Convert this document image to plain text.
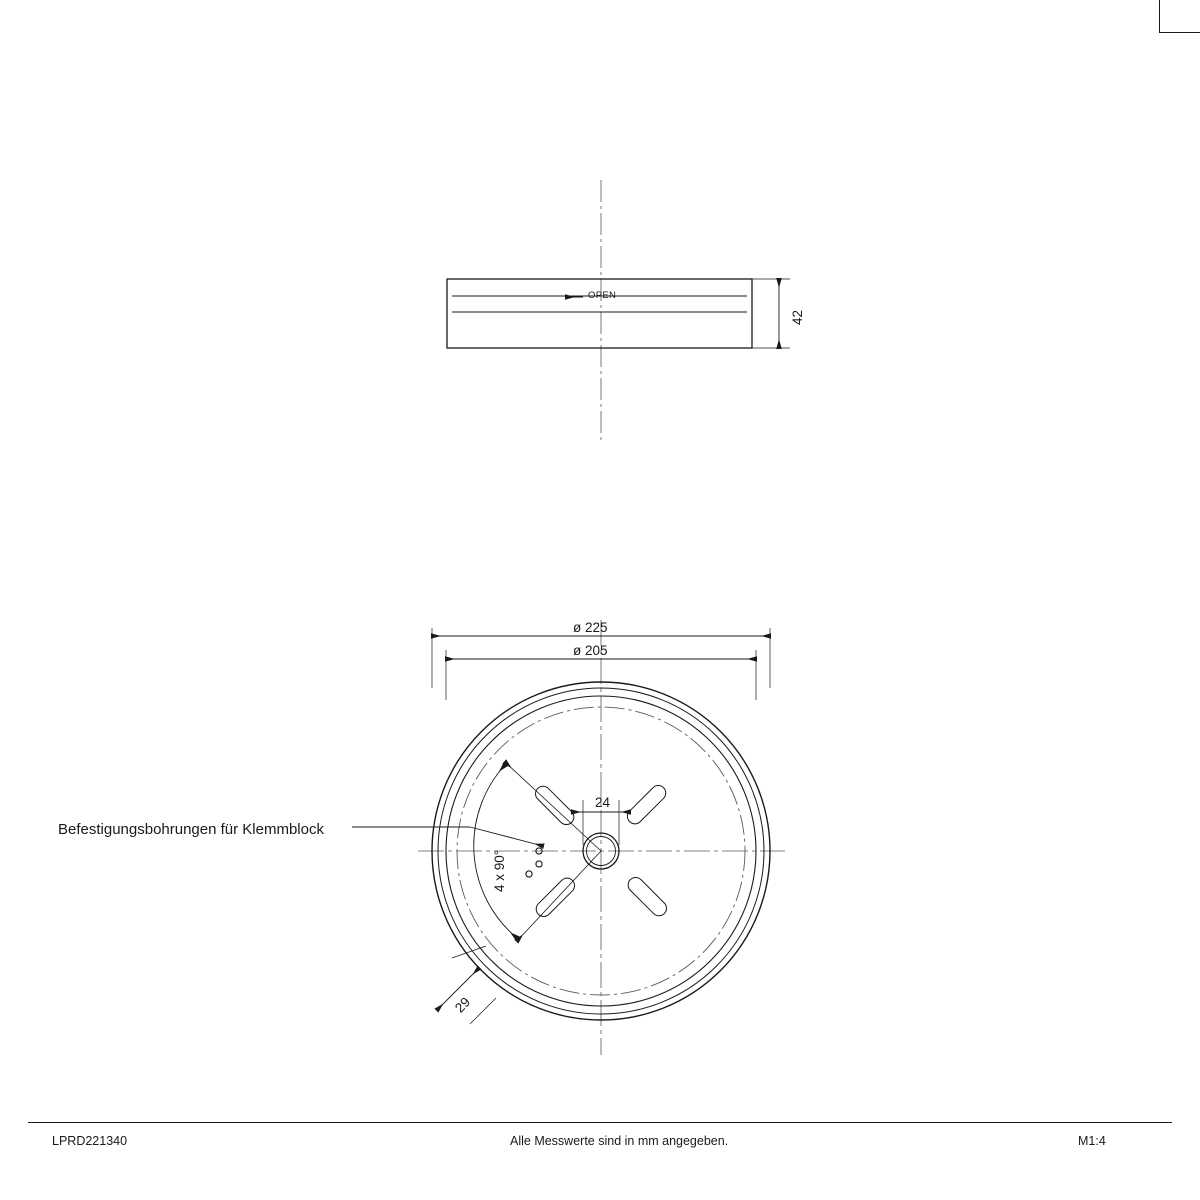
OPEN
42
ø 225
ø 205
24
4 x 90°
29
Befestigungsbohrungen für Klemmblock
LPRD221340	Alle Messwerte sind in mm angegeben.	M1:4
